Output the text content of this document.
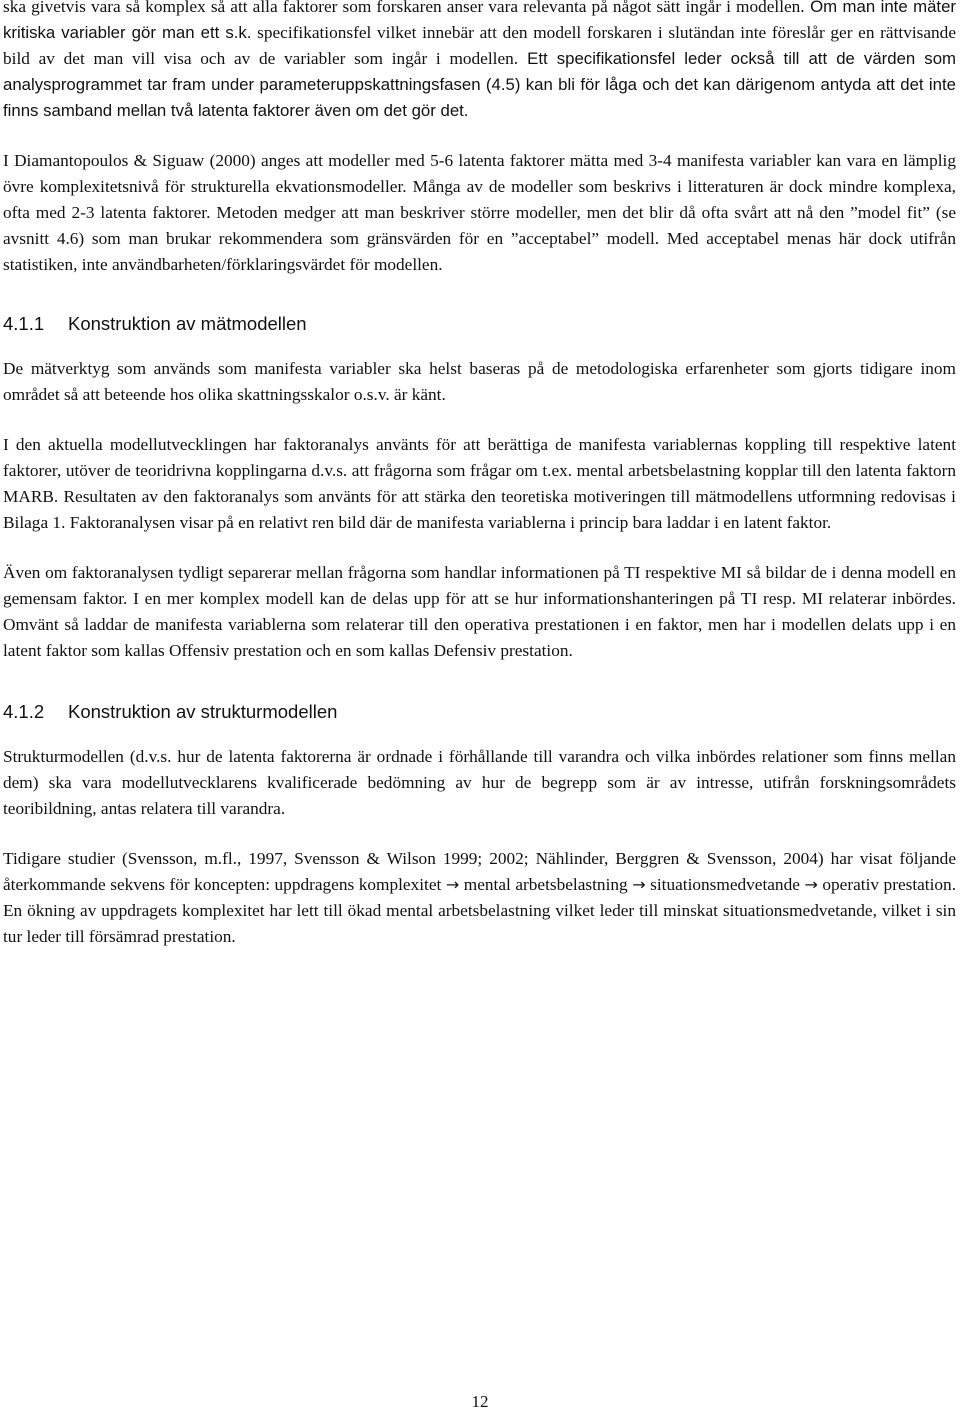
ska givetvis vara så komplex så att alla faktorer som forskaren anser vara relevanta på något sätt ingår i modellen. Om man inte mäter kritiska variabler gör man ett s.k. specifikationsfel vilket innebär att den modell forskaren i slutändan inte föreslår ger en rättvisande bild av det man vill visa och av de variabler som ingår i modellen. Ett specifikationsfel leder också till att de värden som analysprogrammet tar fram under parameteruppskattningsfasen (4.5) kan bli för låga och det kan därigenom antyda att det inte finns samband mellan två latenta faktorer även om det gör det.

I Diamantopoulos & Siguaw (2000) anges att modeller med 5-6 latenta faktorer mätta med 3-4 manifesta variabler kan vara en lämplig övre komplexitetsnivå för strukturella ekvationsmodeller. Många av de modeller som beskrivs i litteraturen är dock mindre komplexa, ofta med 2-3 latenta faktorer. Metoden medger att man beskriver större modeller, men det blir då ofta svårt att nå den ”model fit” (se avsnitt 4.6) som man brukar rekommendera som gränsvärden för en ”acceptabel” modell. Med acceptabel menas här dock utifrån statistiken, inte användbarheten/förklaringsvärdet för modellen.

4.1.1 Konstruktion av mätmodellen

De mätverktyg som används som manifesta variabler ska helst baseras på de metodologiska erfarenheter som gjorts tidigare inom området så att beteende hos olika skattningsskalor o.s.v. är känt.

I den aktuella modellutvecklingen har faktoranalys använts för att berättiga de manifesta variablernas koppling till respektive latent faktorer, utöver de teoridrivna kopplingarna d.v.s. att frågorna som frågar om t.ex. mental arbetsbelastning kopplar till den latenta faktorn MARB. Resultaten av den faktoranalys som använts för att stärka den teoretiska motiveringen till mätmodellens utformning redovisas i Bilaga 1. Faktoranalysen visar på en relativt ren bild där de manifesta variablerna i princip bara laddar i en latent faktor.

Även om faktoranalysen tydligt separerar mellan frågorna som handlar informationen på TI respektive MI så bildar de i denna modell en gemensam faktor. I en mer komplex modell kan de delas upp för att se hur informationshanteringen på TI resp. MI relaterar inbördes. Omvänt så laddar de manifesta variablerna som relaterar till den operativa prestationen i en faktor, men har i modellen delats upp i en latent faktor som kallas Offensiv prestation och en som kallas Defensiv prestation.

4.1.2 Konstruktion av strukturmodellen

Strukturmodellen (d.v.s. hur de latenta faktorerna är ordnade i förhållande till varandra och vilka inbördes relationer som finns mellan dem) ska vara modellutvecklarens kvalificerade bedömning av hur de begrepp som är av intresse, utifrån forskningsområdets teoribildning, antas relatera till varandra.

Tidigare studier (Svensson, m.fl., 1997, Svensson & Wilson 1999; 2002; Nählinder, Berggren & Svensson, 2004) har visat följande återkommande sekvens för koncepten: uppdragens komplexitet → mental arbetsbelastning → situationsmedvetande → operativ prestation. En ökning av uppdragets komplexitet har lett till ökad mental arbetsbelastning vilket leder till minskat situationsmedvetande, vilket i sin tur leder till försämrad prestation.

12
